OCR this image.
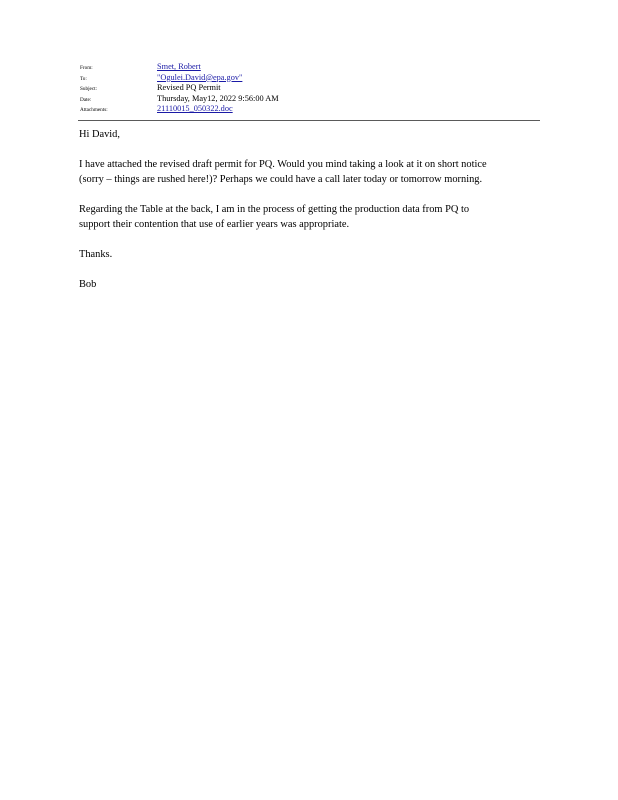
From:	Smet, Robert
To:	"Ogulei.David@epa.gov"
Subject:	Revised PQ Permit
Date:	Thursday, May12, 2022 9:56:00 AM
Attachments:	21110015_050322.doc

Hi David,

I have attached the revised draft permit for PQ. Would you mind taking a look at it on short notice
(sorry – things are rushed here!)? Perhaps we could have a call later today or tomorrow morning.

Regarding the Table at the back, I am in the process of getting the production data from PQ to
support their contention that use of earlier years was appropriate.

Thanks.

Bob
